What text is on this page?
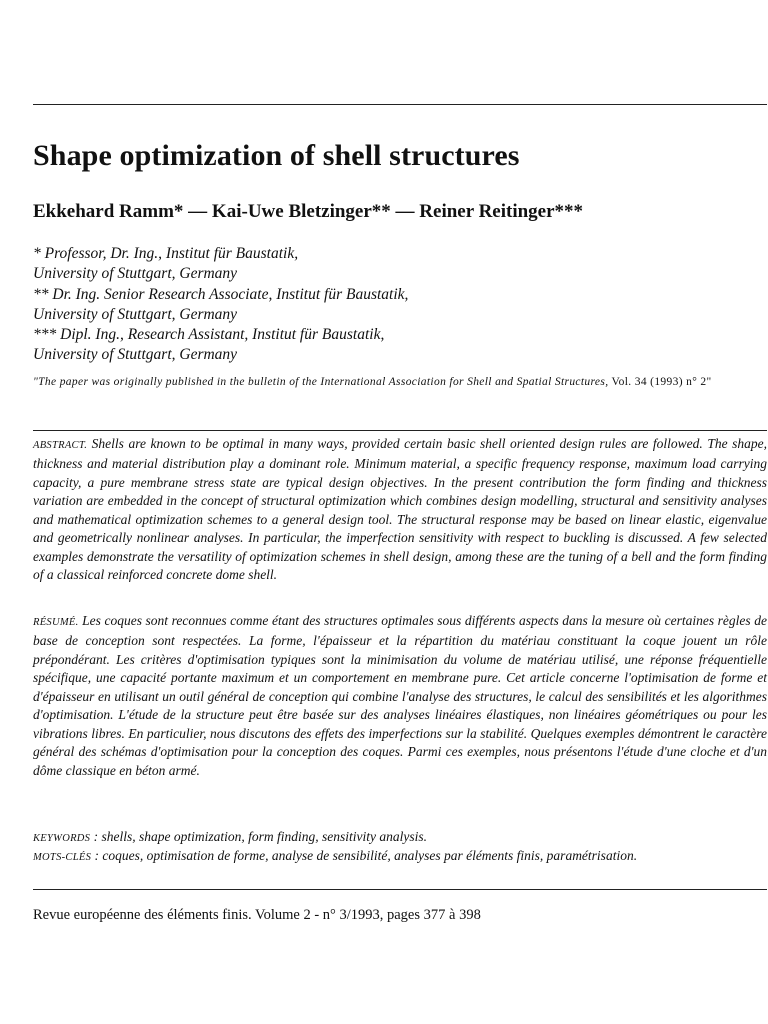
Shape optimization of shell structures

Ekkehard Ramm* — Kai-Uwe Bletzinger** — Reiner Reitinger***

* Professor, Dr. Ing., Institut für Baustatik,
University of Stuttgart, Germany
** Dr. Ing. Senior Research Associate, Institut für Baustatik,
University of Stuttgart, Germany
*** Dipl. Ing., Research Assistant, Institut für Baustatik,
University of Stuttgart, Germany
"The paper was originally published in the bulletin of the International Association for Shell and Spatial Structures, Vol. 34 (1993) n° 2"
ABSTRACT. Shells are known to be optimal in many ways, provided certain basic shell oriented design rules are followed. The shape, thickness and material distribution play a dominant role. Minimum material, a specific frequency response, maximum load carrying capacity, a pure membrane stress state are typical design objectives. In the present contribution the form finding and thickness variation are embedded in the concept of structural optimization which combines design modelling, structural and sensitivity analyses and mathematical optimization schemes to a general design tool. The structural response may be based on linear elastic, eigenvalue and geometrically nonlinear analyses. In particular, the imperfection sensitivity with respect to buckling is discussed. A few selected examples demonstrate the versatility of optimization schemes in shell design, among these are the tuning of a bell and the form finding of a classical reinforced concrete dome shell.
RÉSUMÉ. Les coques sont reconnues comme étant des structures optimales sous différents aspects dans la mesure où certaines règles de base de conception sont respectées. La forme, l'épaisseur et la répartition du matériau constituant la coque jouent un rôle prépondérant. Les critères d'optimisation typiques sont la minimisation du volume de matériau utilisé, une réponse fréquentielle spécifique, une capacité portante maximum et un comportement en membrane pure. Cet article concerne l'optimisation de forme et d'épaisseur en utilisant un outil général de conception qui combine l'analyse des structures, le calcul des sensibilités et les algorithmes d'optimisation. L'étude de la structure peut être basée sur des analyses linéaires élastiques, non linéaires géométriques ou pour les vibrations libres. En particulier, nous discutons des effets des imperfections sur la stabilité. Quelques exemples démontrent le caractère général des schémas d'optimisation pour la conception des coques. Parmi ces exemples, nous présentons l'étude d'une cloche et d'un dôme classique en béton armé.
KEYWORDS : shells, shape optimization, form finding, sensitivity analysis.
MOTS-CLÉS : coques, optimisation de forme, analyse de sensibilité, analyses par éléments finis, paramétrisation.
Revue européenne des éléments finis. Volume 2 - n° 3/1993, pages 377 à 398
